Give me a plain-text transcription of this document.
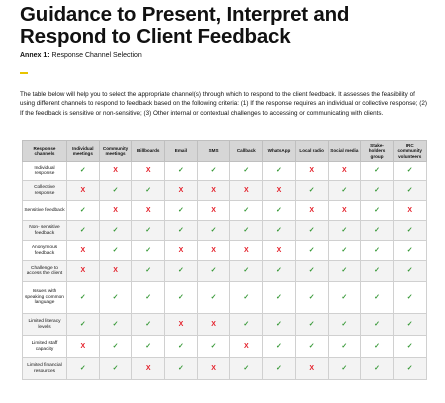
Guidance to Present, Interpret and Respond to Client Feedback
Annex 1: Response Channel Selection
The table below will help you to select the appropriate channel(s) through which to respond to the client feedback. It assesses the feasibility of using different channels to respond to feedback based on the following criteria: (1) If the response requires an individual or collective response; (2) If the feedback is sensitive or non-sensitive; (3) Other internal or contextual challenges to accessing or communicating with clients.
Response channels	Individual meetings	Community meetings	Billboards	Email	SMS	Callback	WhatsApp	Local radio	Social media	Stake-holders group	IRC community volunteers
Individual response	✓	X	X	✓	✓	✓	✓	X	X	✓	✓
Collective response	X	✓	✓	X	X	X	X	✓	✓	✓	✓
Sensitive feedback	✓	X	X	✓	X	✓	✓	X	X	✓	X
Non- sensitive feedback	✓	✓	✓	✓	✓	✓	✓	✓	✓	✓	✓
Anonymous feedback	X	✓	✓	X	X	X	X	✓	✓	✓	✓
Challenge to access the client	X	X	✓	✓	✓	✓	✓	✓	✓	✓	✓
Issues with speaking common language	✓	✓	✓	✓	✓	✓	✓	✓	✓	✓	✓
Limited literacy levels	✓	✓	✓	X	X	✓	✓	✓	✓	✓	✓
Limited staff capacity	X	✓	✓	✓	✓	X	✓	✓	✓	✓	✓
Limited financial resources	✓	✓	X	✓	X	✓	✓	X	✓	✓	✓
